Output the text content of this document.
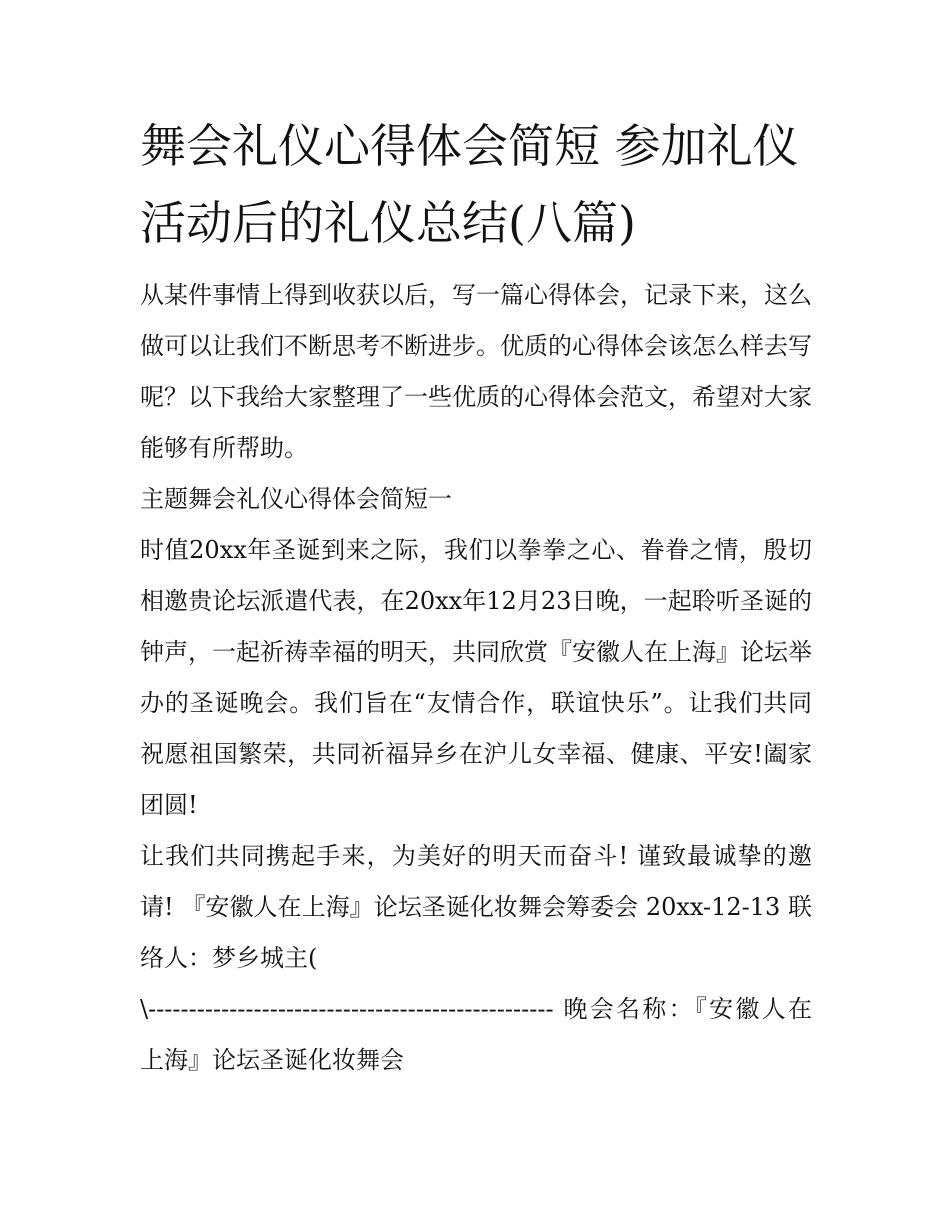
舞会礼仪心得体会简短 参加礼仪活动后的礼仪总结(八篇)

从某件事情上得到收获以后，写一篇心得体会，记录下来，这么做可以让我们不断思考不断进步。优质的心得体会该怎么样去写呢？以下我给大家整理了一些优质的心得体会范文，希望对大家能够有所帮助。

主题舞会礼仪心得体会简短一

时值20xx年圣诞到来之际，我们以拳拳之心、眷眷之情，殷切相邀贵论坛派遣代表，在20xx年12月23日晚，一起聆听圣诞的钟声，一起祈祷幸福的明天，共同欣赏『安徽人在上海』论坛举办的圣诞晚会。我们旨在“友情合作，联谊快乐”。让我们共同祝愿祖国繁荣，共同祈福异乡在沪儿女幸福、健康、平安!阖家团圆!

让我们共同携起手来，为美好的明天而奋斗! 谨致最诚挚的邀请! 『安徽人在上海』论坛圣诞化妆舞会筹委会 20xx-12-13 联络人：梦乡城主(

\-------------------------------------------------- 晚会名称：『安徽人在上海』论坛圣诞化妆舞会
